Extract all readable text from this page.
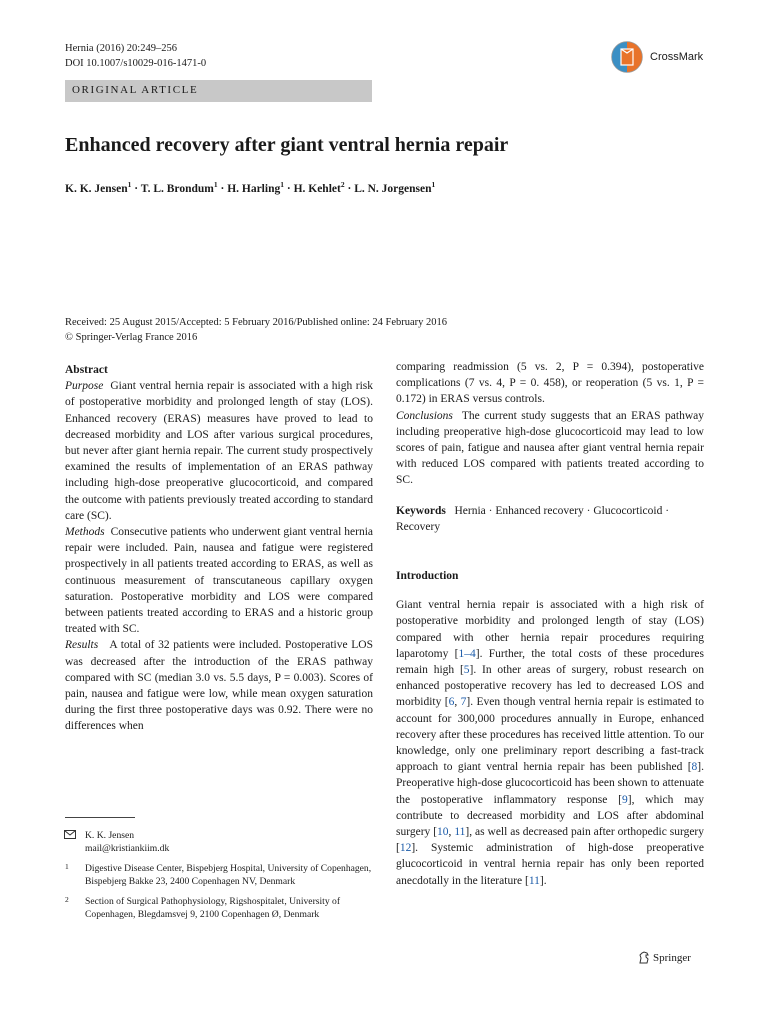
Hernia (2016) 20:249–256
DOI 10.1007/s10029-016-1471-0
CrossMark
ORIGINAL ARTICLE
Enhanced recovery after giant ventral hernia repair
K. K. Jensen$^1$ · T. L. Brondum$^1$ · H. Harling$^1$ · H. Kehlet$^2$ · L. N. Jorgensen$^1$
Received: 25 August 2015/Accepted: 5 February 2016/Published online: 24 February 2016
© Springer-Verlag France 2016

Abstract

Purpose Giant ventral hernia repair is associated with a high risk of postoperative morbidity and prolonged length of stay (LOS). Enhanced recovery (ERAS) measures have proved to lead to decreased morbidity and LOS after various surgical procedures, but never after giant hernia repair. The current study prospectively examined the results of implementation of an ERAS pathway including high-dose preoperative glucocorticoid, and compared the outcome with patients previously treated according to standard care (SC).

Methods Consecutive patients who underwent giant ventral hernia repair were included. Pain, nausea and fatigue were registered prospectively in all patients treated according to ERAS, as well as continuous measurement of transcutaneous capillary oxygen saturation. Postoperative morbidity and LOS were compared between patients treated according to ERAS and a historic group treated with SC.

Results A total of 32 patients were included. Postoperative LOS was decreased after the introduction of the ERAS pathway compared with SC (median 3.0 vs. 5.5 days, P = 0.003). Scores of pain, nausea and fatigue were low, while mean oxygen saturation during the first three postoperative days was 0.92. There were no differences when

K. K. Jensen
mail@kristiankiim.dk
1 Digestive Disease Center, Bispebjerg Hospital, University of Copenhagen, Bispebjerg Bakke 23, 2400 Copenhagen NV, Denmark
2 Section of Surgical Pathophysiology, Rigshospitalet, University of Copenhagen, Blegdamsvej 9, 2100 Copenhagen Ø, Denmark

comparing readmission (5 vs. 2, P = 0.394), postoperative complications (7 vs. 4, P = 0. 458), or reoperation (5 vs. 1, P = 0.172) in ERAS versus controls.

Conclusions The current study suggests that an ERAS pathway including preoperative high-dose glucocorticoid may lead to low scores of pain, fatigue and nausea after giant ventral hernia repair with reduced LOS compared with patients treated according to SC.

Keywords Hernia · Enhanced recovery · Glucocorticoid · Recovery

Introduction

Giant ventral hernia repair is associated with a high risk of postoperative morbidity and prolonged length of stay (LOS) compared with other hernia repair procedures requiring laparotomy [1–4]. Further, the total costs of these procedures remain high [5]. In other areas of surgery, robust research on enhanced postoperative recovery has led to decreased LOS and morbidity [6, 7]. Even though ventral hernia repair is estimated to account for 300,000 procedures annually in Europe, enhanced recovery after these procedures has received little attention. To our knowledge, only one preliminary report describing a fast-track approach to giant ventral hernia repair has been published [8]. Preoperative high-dose glucocorticoid has been shown to attenuate the postoperative inflammatory response [9], which may contribute to decreased morbidity and LOS after abdominal surgery [10, 11], as well as decreased pain after orthopedic surgery [12]. Systemic administration of high-dose preoperative glucocorticoid in ventral hernia repair has only been reported anecdotally in the literature [11].

Springer
